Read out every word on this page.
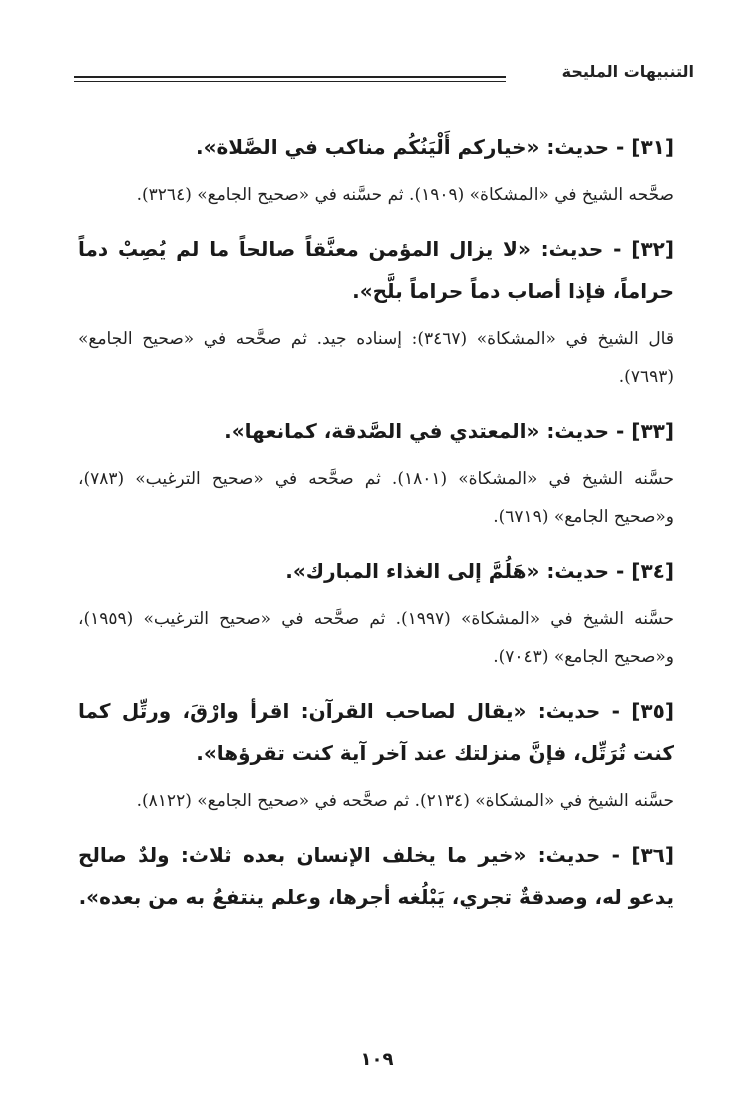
التنبيهات المليحة

[٣١] - حديث: «خياركم أَلْيَنُكُم مناكب في الصَّلاة».

صحَّحه الشيخ في «المشكاة» (١٩٠٩). ثم حسَّنه في «صحيح الجامع» (٣٢٦٤).

[٣٢] - حديث: «لا يزال المؤمن معنَّقاً صالحاً ما لم يُصِبْ دماً حراماً، فإذا أصاب دماً حراماً بلَّح».

قال الشيخ في «المشكاة» (٣٤٦٧): إسناده جيد. ثم صحَّحه في «صحيح الجامع» (٧٦٩٣).

[٣٣] - حديث: «المعتدي في الصَّدقة، كمانعها».

حسَّنه الشيخ في «المشكاة» (١٨٠١). ثم صحَّحه في «صحيح الترغيب» (٧٨٣)، و«صحيح الجامع» (٦٧١٩).

[٣٤] - حديث: «هَلُمَّ إلى الغذاء المبارك».

حسَّنه الشيخ في «المشكاة» (١٩٩٧). ثم صحَّحه في «صحيح الترغيب» (١٩٥٩)، و«صحيح الجامع» (٧٠٤٣).

[٣٥] - حديث: «يقال لصاحب القرآن: اقرأ وارْقَ، ورتِّل كما كنت تُرَتِّل، فإنَّ منزلتك عند آخر آية كنت تقرؤها».

حسَّنه الشيخ في «المشكاة» (٢١٣٤). ثم صحَّحه في «صحيح الجامع» (٨١٢٢).

[٣٦] - حديث: «خير ما يخلف الإنسان بعده ثلاث: ولدٌ صالح يدعو له، وصدقةٌ تجري، يَبْلُغه أجرها، وعلم ينتفعُ به من بعده».

١٠٩
